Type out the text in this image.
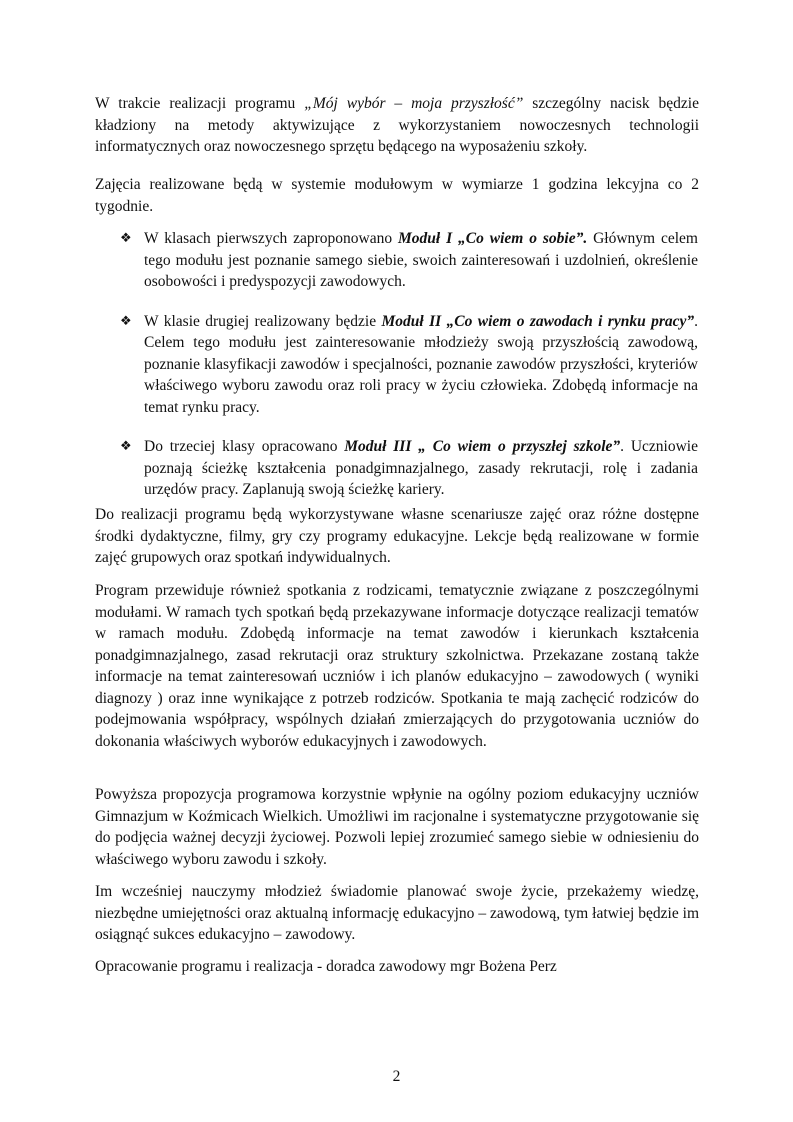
W trakcie realizacji programu „Mój wybór – moja przyszłość” szczególny nacisk będzie kładziony na metody aktywizujące z wykorzystaniem nowoczesnych technologii informatycznych oraz nowoczesnego sprzętu będącego na wyposażeniu szkoły.

Zajęcia realizowane będą w systemie modułowym w wymiarze 1 godzina lekcyjna co 2 tygodnie.

❖ W klasach pierwszych zaproponowano Moduł I „Co wiem o sobie”. Głównym celem tego modułu jest poznanie samego siebie, swoich zainteresowań i uzdolnień, określenie osobowości i predyspozycji zawodowych.

❖ W klasie drugiej realizowany będzie Moduł II „Co wiem o zawodach i rynku pracy”. Celem tego modułu jest zainteresowanie młodzieży swoją przyszłością zawodową, poznanie klasyfikacji zawodów i specjalności, poznanie zawodów przyszłości, kryteriów właściwego wyboru zawodu oraz roli pracy w życiu człowieka. Zdobędą informacje na temat rynku pracy.

❖ Do trzeciej klasy opracowano Moduł III „ Co wiem o przyszłej szkole”. Uczniowie poznają ścieżkę kształcenia ponadgimnazjalnego, zasady rekrutacji, rolę i zadania urzędów pracy. Zaplanują swoją ścieżkę kariery.

Do realizacji programu będą wykorzystywane własne scenariusze zajęć oraz różne dostępne środki dydaktyczne, filmy, gry czy programy edukacyjne. Lekcje będą realizowane w formie zajęć grupowych oraz spotkań indywidualnych.

Program przewiduje również spotkania z rodzicami, tematycznie związane z poszczególnymi modułami. W ramach tych spotkań będą przekazywane informacje dotyczące realizacji tematów w ramach modułu. Zdobędą informacje na temat zawodów i kierunkach kształcenia ponadgimnazjalnego, zasad rekrutacji oraz struktury szkolnictwa. Przekazane zostaną także informacje na temat zainteresowań uczniów i ich planów edukacyjno – zawodowych ( wyniki diagnozy ) oraz inne wynikające z potrzeb rodziców. Spotkania te mają zachęcić rodziców do podejmowania współpracy, wspólnych działań zmierzających do przygotowania uczniów do dokonania właściwych wyborów edukacyjnych i zawodowych.

Powyższa propozycja programowa korzystnie wpłynie na ogólny poziom edukacyjny uczniów Gimnazjum w Koźmicach Wielkich. Umożliwi im racjonalne i systematyczne przygotowanie się do podjęcia ważnej decyzji życiowej. Pozwoli lepiej zrozumieć samego siebie w odniesieniu do właściwego wyboru zawodu i szkoły.

Im wcześniej nauczymy młodzież świadomie planować swoje życie, przekażemy wiedzę, niezbędne umiejętności oraz aktualną informację edukacyjno – zawodową, tym łatwiej będzie im osiągnąć sukces edukacyjno – zawodowy.

Opracowanie programu i realizacja - doradca zawodowy mgr Bożena Perz

2
